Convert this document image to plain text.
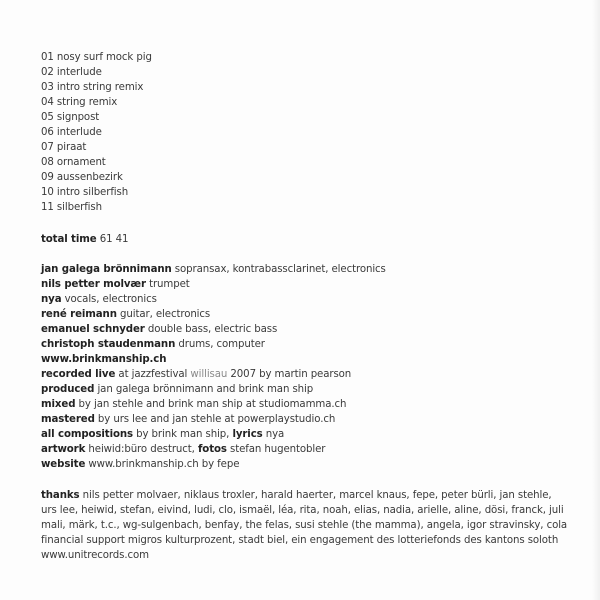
01 nosy surf mock pig
02 interlude
03 intro string remix
04 string remix
05 signpost
06 interlude
07 piraat
08 ornament
09 aussenbezirk
10 intro silberfish
11 silberfish
total time 61 41
jan galega brönnimann sopransax, kontrabassclarinet, electronics
nils petter molvær trumpet
nya vocals, electronics
rené reimann guitar, electronics
emanuel schnyder double bass, electric bass
christoph staudenmann drums, computer
www.brinkmanship.ch
recorded live at jazzfestival willisau 2007 by martin pearson
produced jan galega brönnimann and brink man ship
mixed by jan stehle and brink man ship at studiomamma.ch
mastered by urs lee and jan stehle at powerplaystudio.ch
all compositions by brink man ship, lyrics nya
artwork heiwid:büro destruct, fotos stefan hugentobler
website www.brinkmanship.ch by fepe
thanks nils petter molvaer, niklaus troxler, harald haerter, marcel knaus, fepe, peter bürli, jan stehle,
urs lee, heiwid, stefan, eivind, ludi, clo, ismaël, léa, rita, noah, elias, nadia, arielle, aline, dösi, franck, juli
mali, märk, t.c., wg-sulgenbach, benfay, the felas, susi stehle (the mamma), angela, igor stravinsky, cola
financial support migros kulturprozent, stadt biel, ein engagement des lotteriefonds des kantons soloth
www.unitrecords.com
